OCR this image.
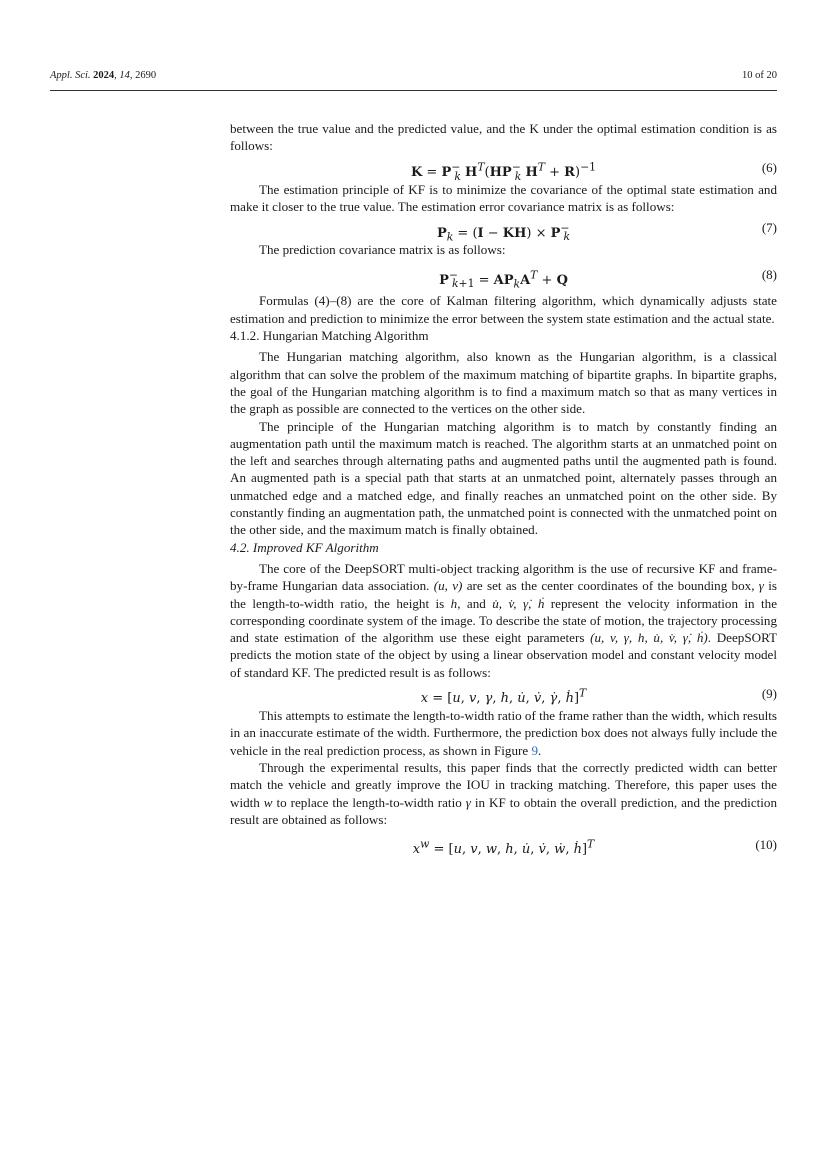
Appl. Sci. 2024, 14, 2690	10 of 20

between the true value and the predicted value, and the K under the optimal estimation condition is as follows:

$K = P^-_k$ $H^T(HP^-_k$ $H^T + R)^{-1}$	(6)

The estimation principle of KF is to minimize the covariance of the optimal state estimation and make it closer to the true value. The estimation error covariance matrix is as follows:

$P_k = (I - KH) \times P^-_k$
(7)

The prediction covariance matrix is as follows:

$P^-_{k+1} = AP_kA^T + Q$	(8)

Formulas (4)–(8) are the core of Kalman filtering algorithm, which dynamically adjusts state estimation and prediction to minimize the error between the system state estimation and the actual state.

4.1.2. Hungarian Matching Algorithm

The Hungarian matching algorithm, also known as the Hungarian algorithm, is a classical algorithm that can solve the problem of the maximum matching of bipartite graphs. In bipartite graphs, the goal of the Hungarian matching algorithm is to find a maximum match so that as many vertices in the graph as possible are connected to the vertices on the other side.

The principle of the Hungarian matching algorithm is to match by constantly finding an augmentation path until the maximum match is reached. The algorithm starts at an unmatched point on the left and searches through alternating paths and augmented paths until the augmented path is found. An augmented path is a special path that starts at an unmatched point, alternately passes through an unmatched edge and a matched edge, and finally reaches an unmatched point on the other side. By constantly finding an augmentation path, the unmatched point is connected with the unmatched point on the other side, and the maximum match is finally obtained.

4.2. Improved KF Algorithm

The core of the DeepSORT multi-object tracking algorithm is the use of recursive KF and frame-by-frame Hungarian data association. (u, v) are set as the center coordinates of the bounding box, γ is the length-to-width ratio, the height is h, and u̇, v̇, γ̇, ḣ represent the velocity information in the corresponding coordinate system of the image. To describe the state of motion, the trajectory processing and state estimation of the algorithm use these eight parameters (u, v, γ, h, u̇, v̇, γ̇, ḣ). DeepSORT predicts the motion state of the object by using a linear observation model and constant velocity model of standard KF. The predicted result is as follows:

x = [u, v, γ, h, u̇, v̇, γ̇, ḣ]$^T$	(9)

This attempts to estimate the length-to-width ratio of the frame rather than the width, which results in an inaccurate estimate of the width. Furthermore, the prediction box does not always fully include the vehicle in the real prediction process, as shown in Figure 9.

Through the experimental results, this paper finds that the correctly predicted width can better match the vehicle and greatly improve the IOU in tracking matching. Therefore, this paper uses the width w to replace the length-to-width ratio γ in KF to obtain the overall prediction, and the prediction result are obtained as follows:

$x^w = [u$, v, w, h, u̇, v̇, ẇ, ḣ]$^T$	(10)
